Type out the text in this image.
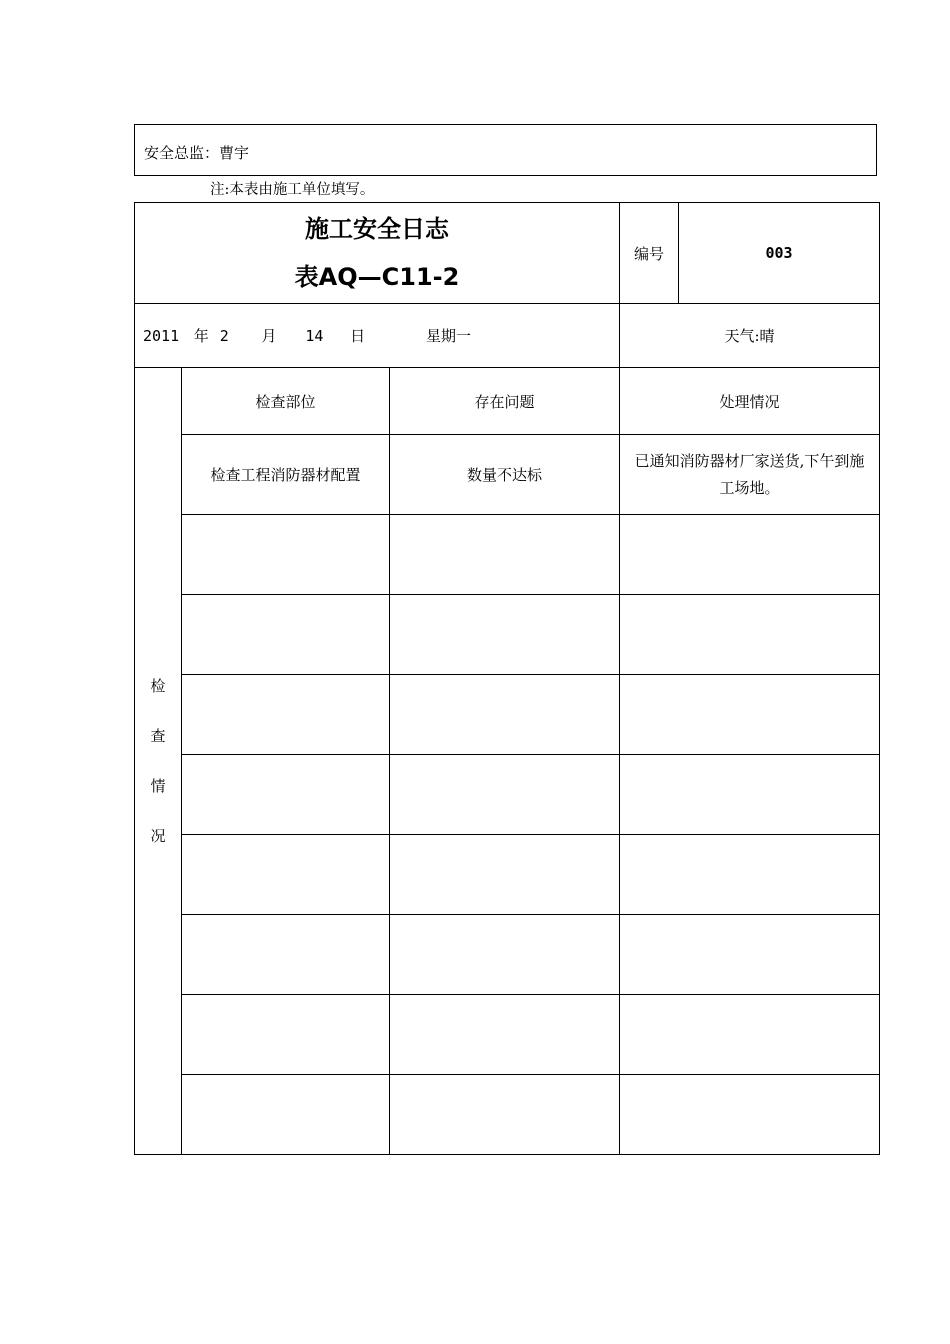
安全总监：曹宇
注:本表由施工单位填写。
施工安全日志
表AQ—C11-2			编号	003
2011 年 2 月 14 日 星期一			天气:晴	

检
查
情
况	检查部位	存在问题	处理情况	
	检查工程消防器材配置	数量不达标	已通知消防器材厂家送货,下午到施工场地。	
